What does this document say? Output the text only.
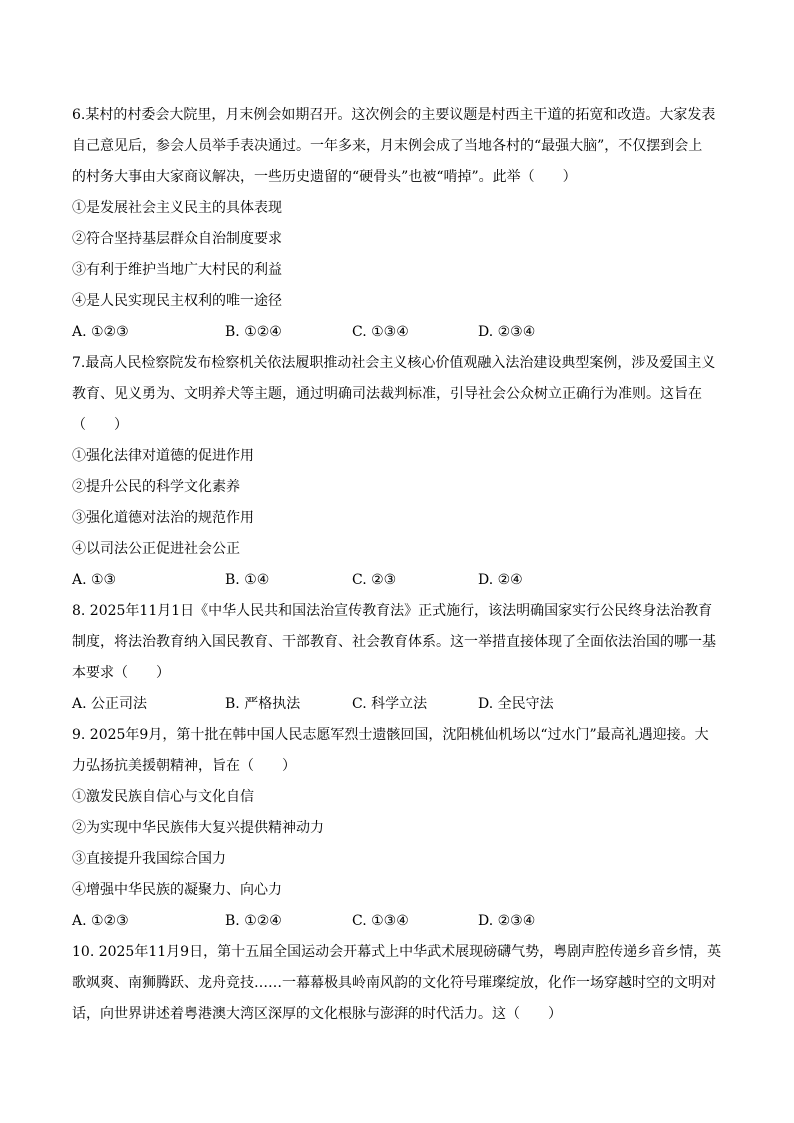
6.某村的村委会大院里，月末例会如期召开。这次例会的主要议题是村西主干道的拓宽和改造。大家发表
自己意见后，参会人员举手表决通过。一年多来，月末例会成了当地各村的“最强大脑”，不仅摆到会上
的村务大事由大家商议解决，一些历史遗留的“硬骨头”也被“啃掉”。此举（　　）
①是发展社会主义民主的具体表现
②符合坚持基层群众自治制度要求
③有利于维护当地广大村民的利益
④是人民实现民主权利的唯一途径
A. ①②③	B. ①②④	C. ①③④	D. ②③④
7.最高人民检察院发布检察机关依法履职推动社会主义核心价值观融入法治建设典型案例，涉及爱国主义
教育、见义勇为、文明养犬等主题，通过明确司法裁判标准，引导社会公众树立正确行为准则。这旨在
（　　）
①强化法律对道德的促进作用
②提升公民的科学文化素养
③强化道德对法治的规范作用
④以司法公正促进社会公正
A. ①③	B. ①④	C. ②③	D. ②④
8. 2025年11月1日《中华人民共和国法治宣传教育法》正式施行，该法明确国家实行公民终身法治教育
制度，将法治教育纳入国民教育、干部教育、社会教育体系。这一举措直接体现了全面依法治国的哪一基
本要求（　　）
A. 公正司法	B. 严格执法	C. 科学立法	D. 全民守法
9. 2025年9月，第十批在韩中国人民志愿军烈士遗骸回国，沈阳桃仙机场以“过水门”最高礼遇迎接。大
力弘扬抗美援朝精神，旨在（　　）
①激发民族自信心与文化自信
②为实现中华民族伟大复兴提供精神动力
③直接提升我国综合国力
④增强中华民族的凝聚力、向心力
A. ①②③	B. ①②④	C. ①③④	D. ②③④
10. 2025年11月9日，第十五届全国运动会开幕式上中华武术展现磅礴气势，粤剧声腔传递乡音乡情，英
歌飒爽、南狮腾跃、龙舟竞技……一幕幕极具岭南风韵的文化符号璀璨绽放，化作一场穿越时空的文明对
话，向世界讲述着粤港澳大湾区深厚的文化根脉与澎湃的时代活力。这（　　）
